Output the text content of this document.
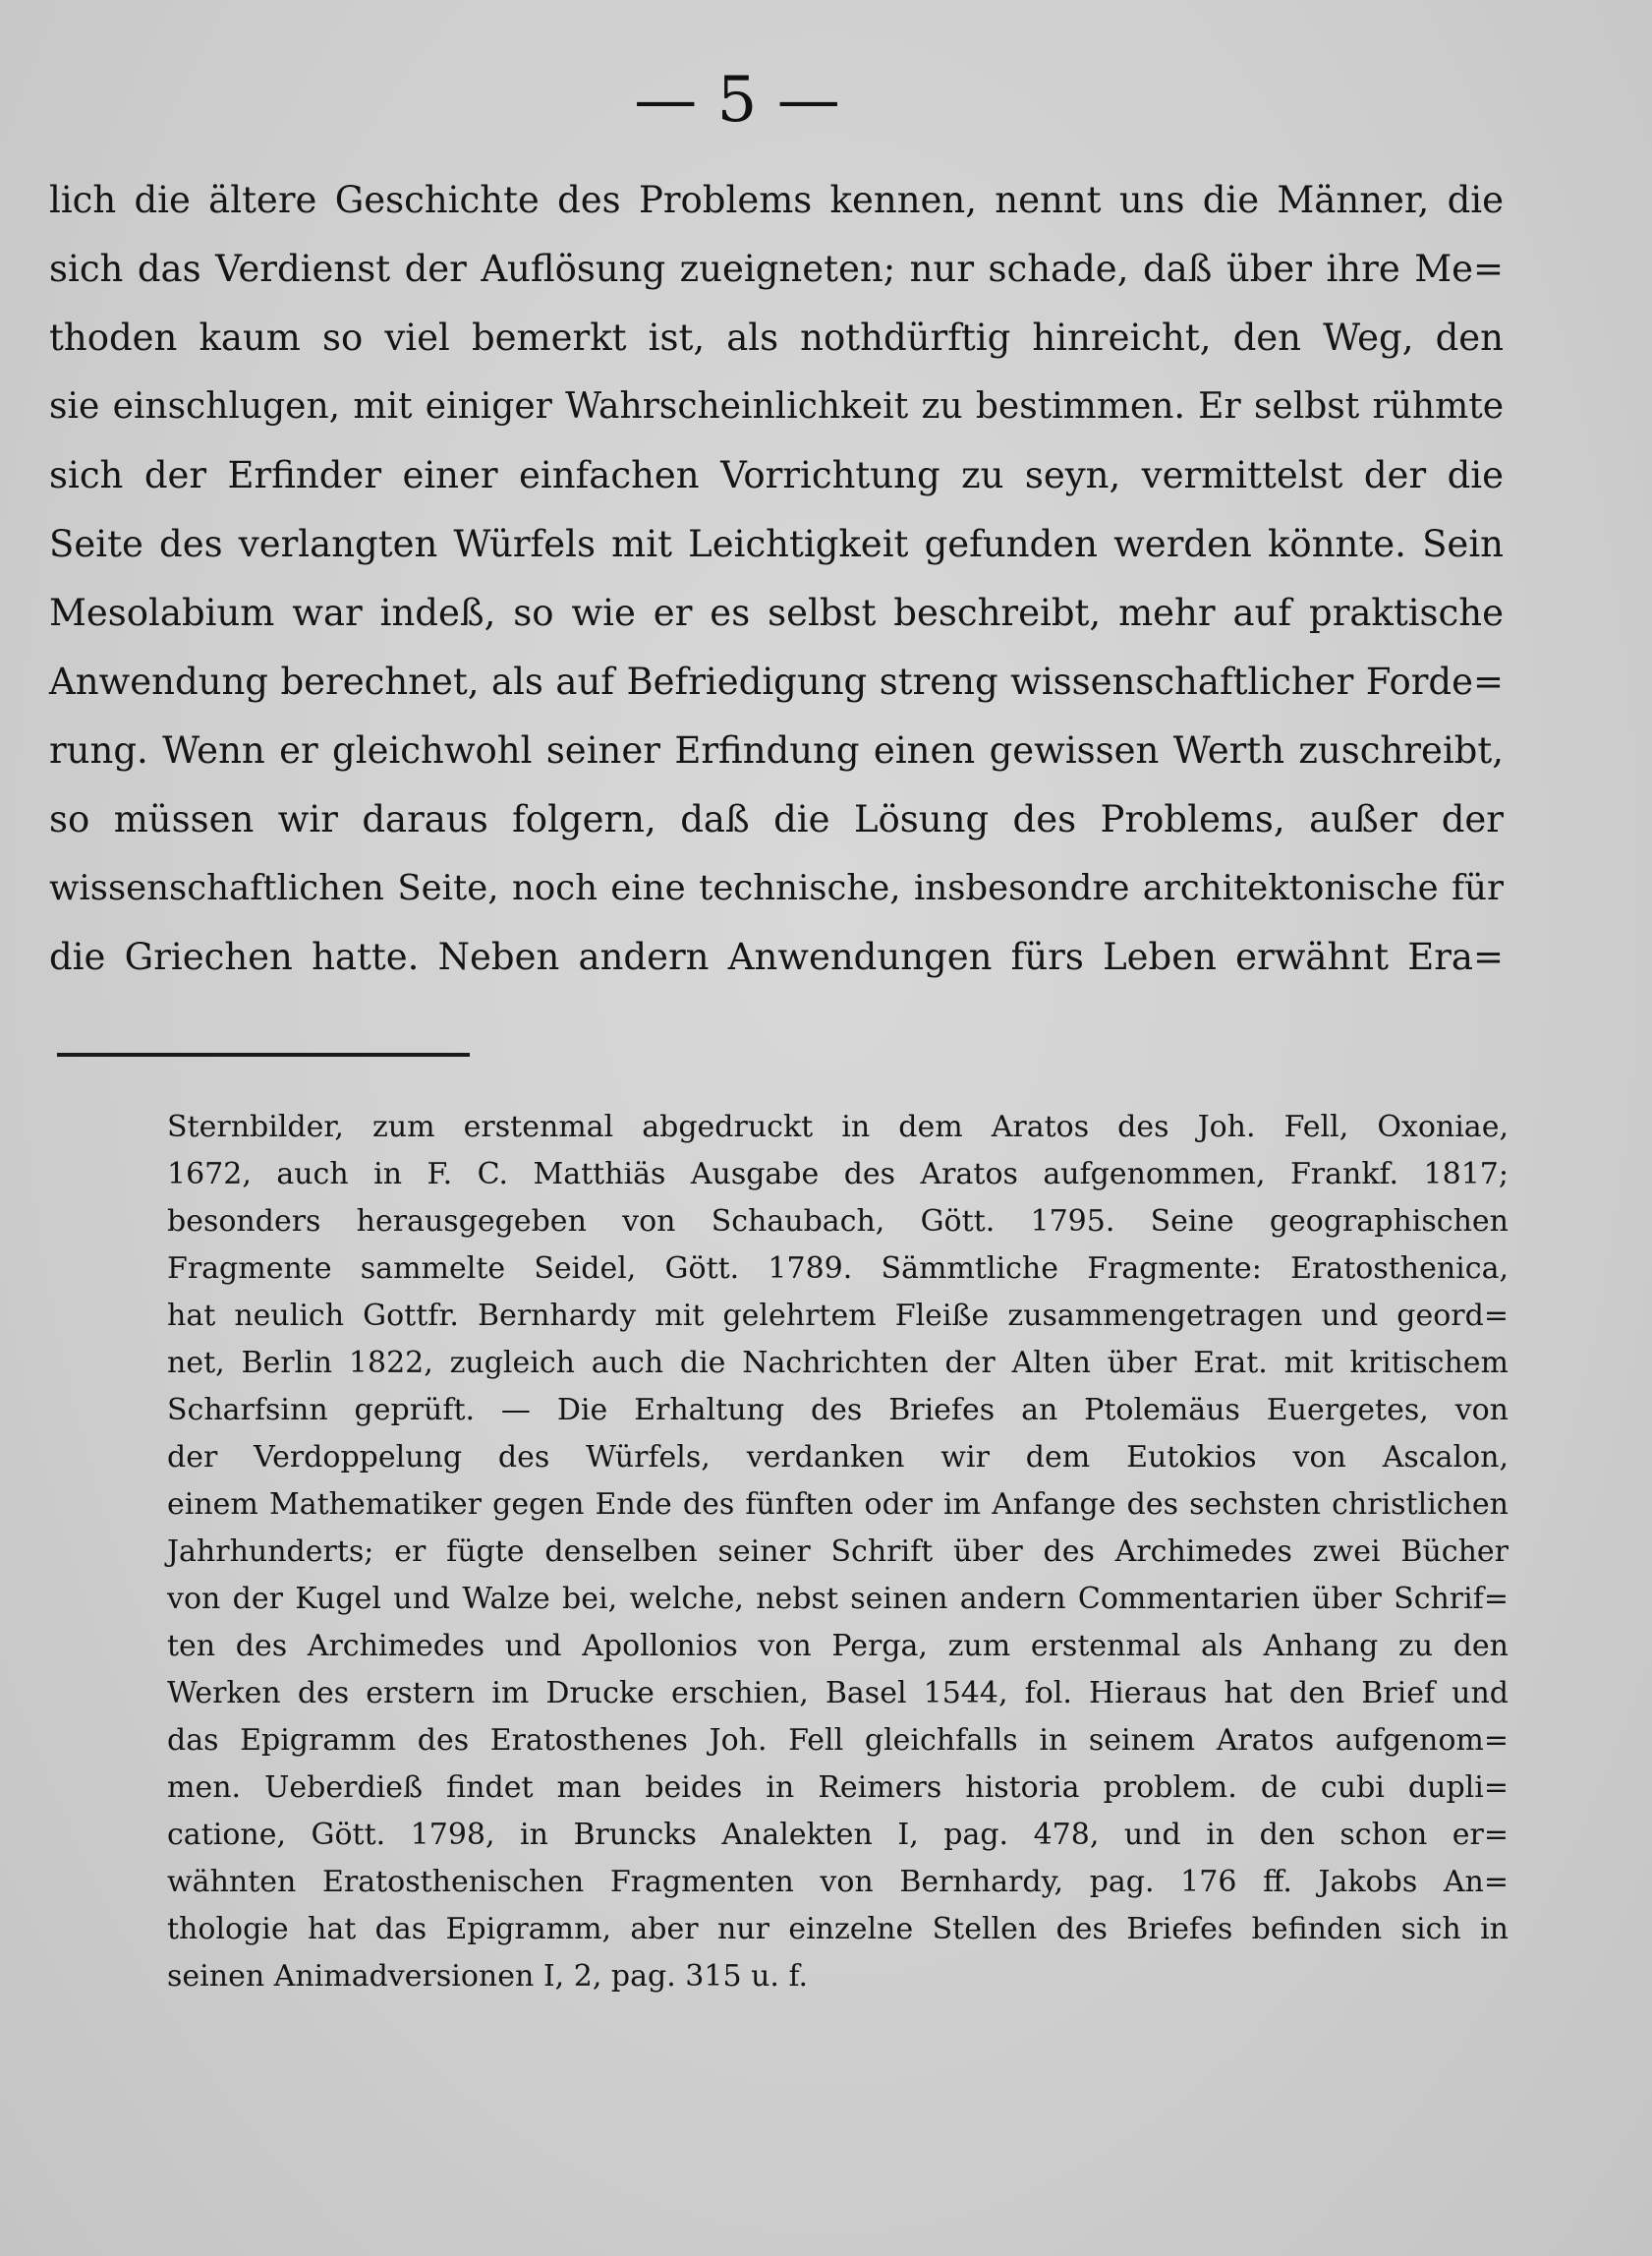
— 5 —
lich die ältere Geschichte des Problems kennen, nennt uns die Männer, die
sich das Verdienst der Auflösung zueigneten; nur schade, daß über ihre Me=
thoden kaum so viel bemerkt ist, als nothdürftig hinreicht, den Weg, den
sie einschlugen, mit einiger Wahrscheinlichkeit zu bestimmen. Er selbst rühmte
sich der Erfinder einer einfachen Vorrichtung zu seyn, vermittelst der die
Seite des verlangten Würfels mit Leichtigkeit gefunden werden könnte. Sein
Mesolabium war indeß, so wie er es selbst beschreibt, mehr auf praktische
Anwendung berechnet, als auf Befriedigung streng wissenschaftlicher Forde=
rung. Wenn er gleichwohl seiner Erfindung einen gewissen Werth zuschreibt,
so müssen wir daraus folgern, daß die Lösung des Problems, außer der
wissenschaftlichen Seite, noch eine technische, insbesondre architektonische für
die Griechen hatte. Neben andern Anwendungen fürs Leben erwähnt Era=
Sternbilder, zum erstenmal abgedruckt in dem Aratos des Joh. Fell, Oxoniae,
1672, auch in F. C. Matthiäs Ausgabe des Aratos aufgenommen, Frankf. 1817;
besonders herausgegeben von Schaubach, Gött. 1795. Seine geographischen
Fragmente sammelte Seidel, Gött. 1789. Sämmtliche Fragmente: Eratosthenica,
hat neulich Gottfr. Bernhardy mit gelehrtem Fleiße zusammengetragen und geord=
net, Berlin 1822, zugleich auch die Nachrichten der Alten über Erat. mit kritischem
Scharfsinn geprüft. — Die Erhaltung des Briefes an Ptolemäus Euergetes, von
der Verdoppelung des Würfels, verdanken wir dem Eutokios von Ascalon,
einem Mathematiker gegen Ende des fünften oder im Anfange des sechsten christlichen
Jahrhunderts; er fügte denselben seiner Schrift über des Archimedes zwei Bücher
von der Kugel und Walze bei, welche, nebst seinen andern Commentarien über Schrif=
ten des Archimedes und Apollonios von Perga, zum erstenmal als Anhang zu den
Werken des erstern im Drucke erschien, Basel 1544, fol. Hieraus hat den Brief und
das Epigramm des Eratosthenes Joh. Fell gleichfalls in seinem Aratos aufgenom=
men. Ueberdieß findet man beides in Reimers historia problem. de cubi dupli=
catione, Gött. 1798, in Bruncks Analekten I, pag. 478, und in den schon er=
wähnten Eratosthenischen Fragmenten von Bernhardy, pag. 176 ff. Jakobs An=
thologie hat das Epigramm, aber nur einzelne Stellen des Briefes befinden sich in
seinen Animadversionen I, 2, pag. 315 u. f.
